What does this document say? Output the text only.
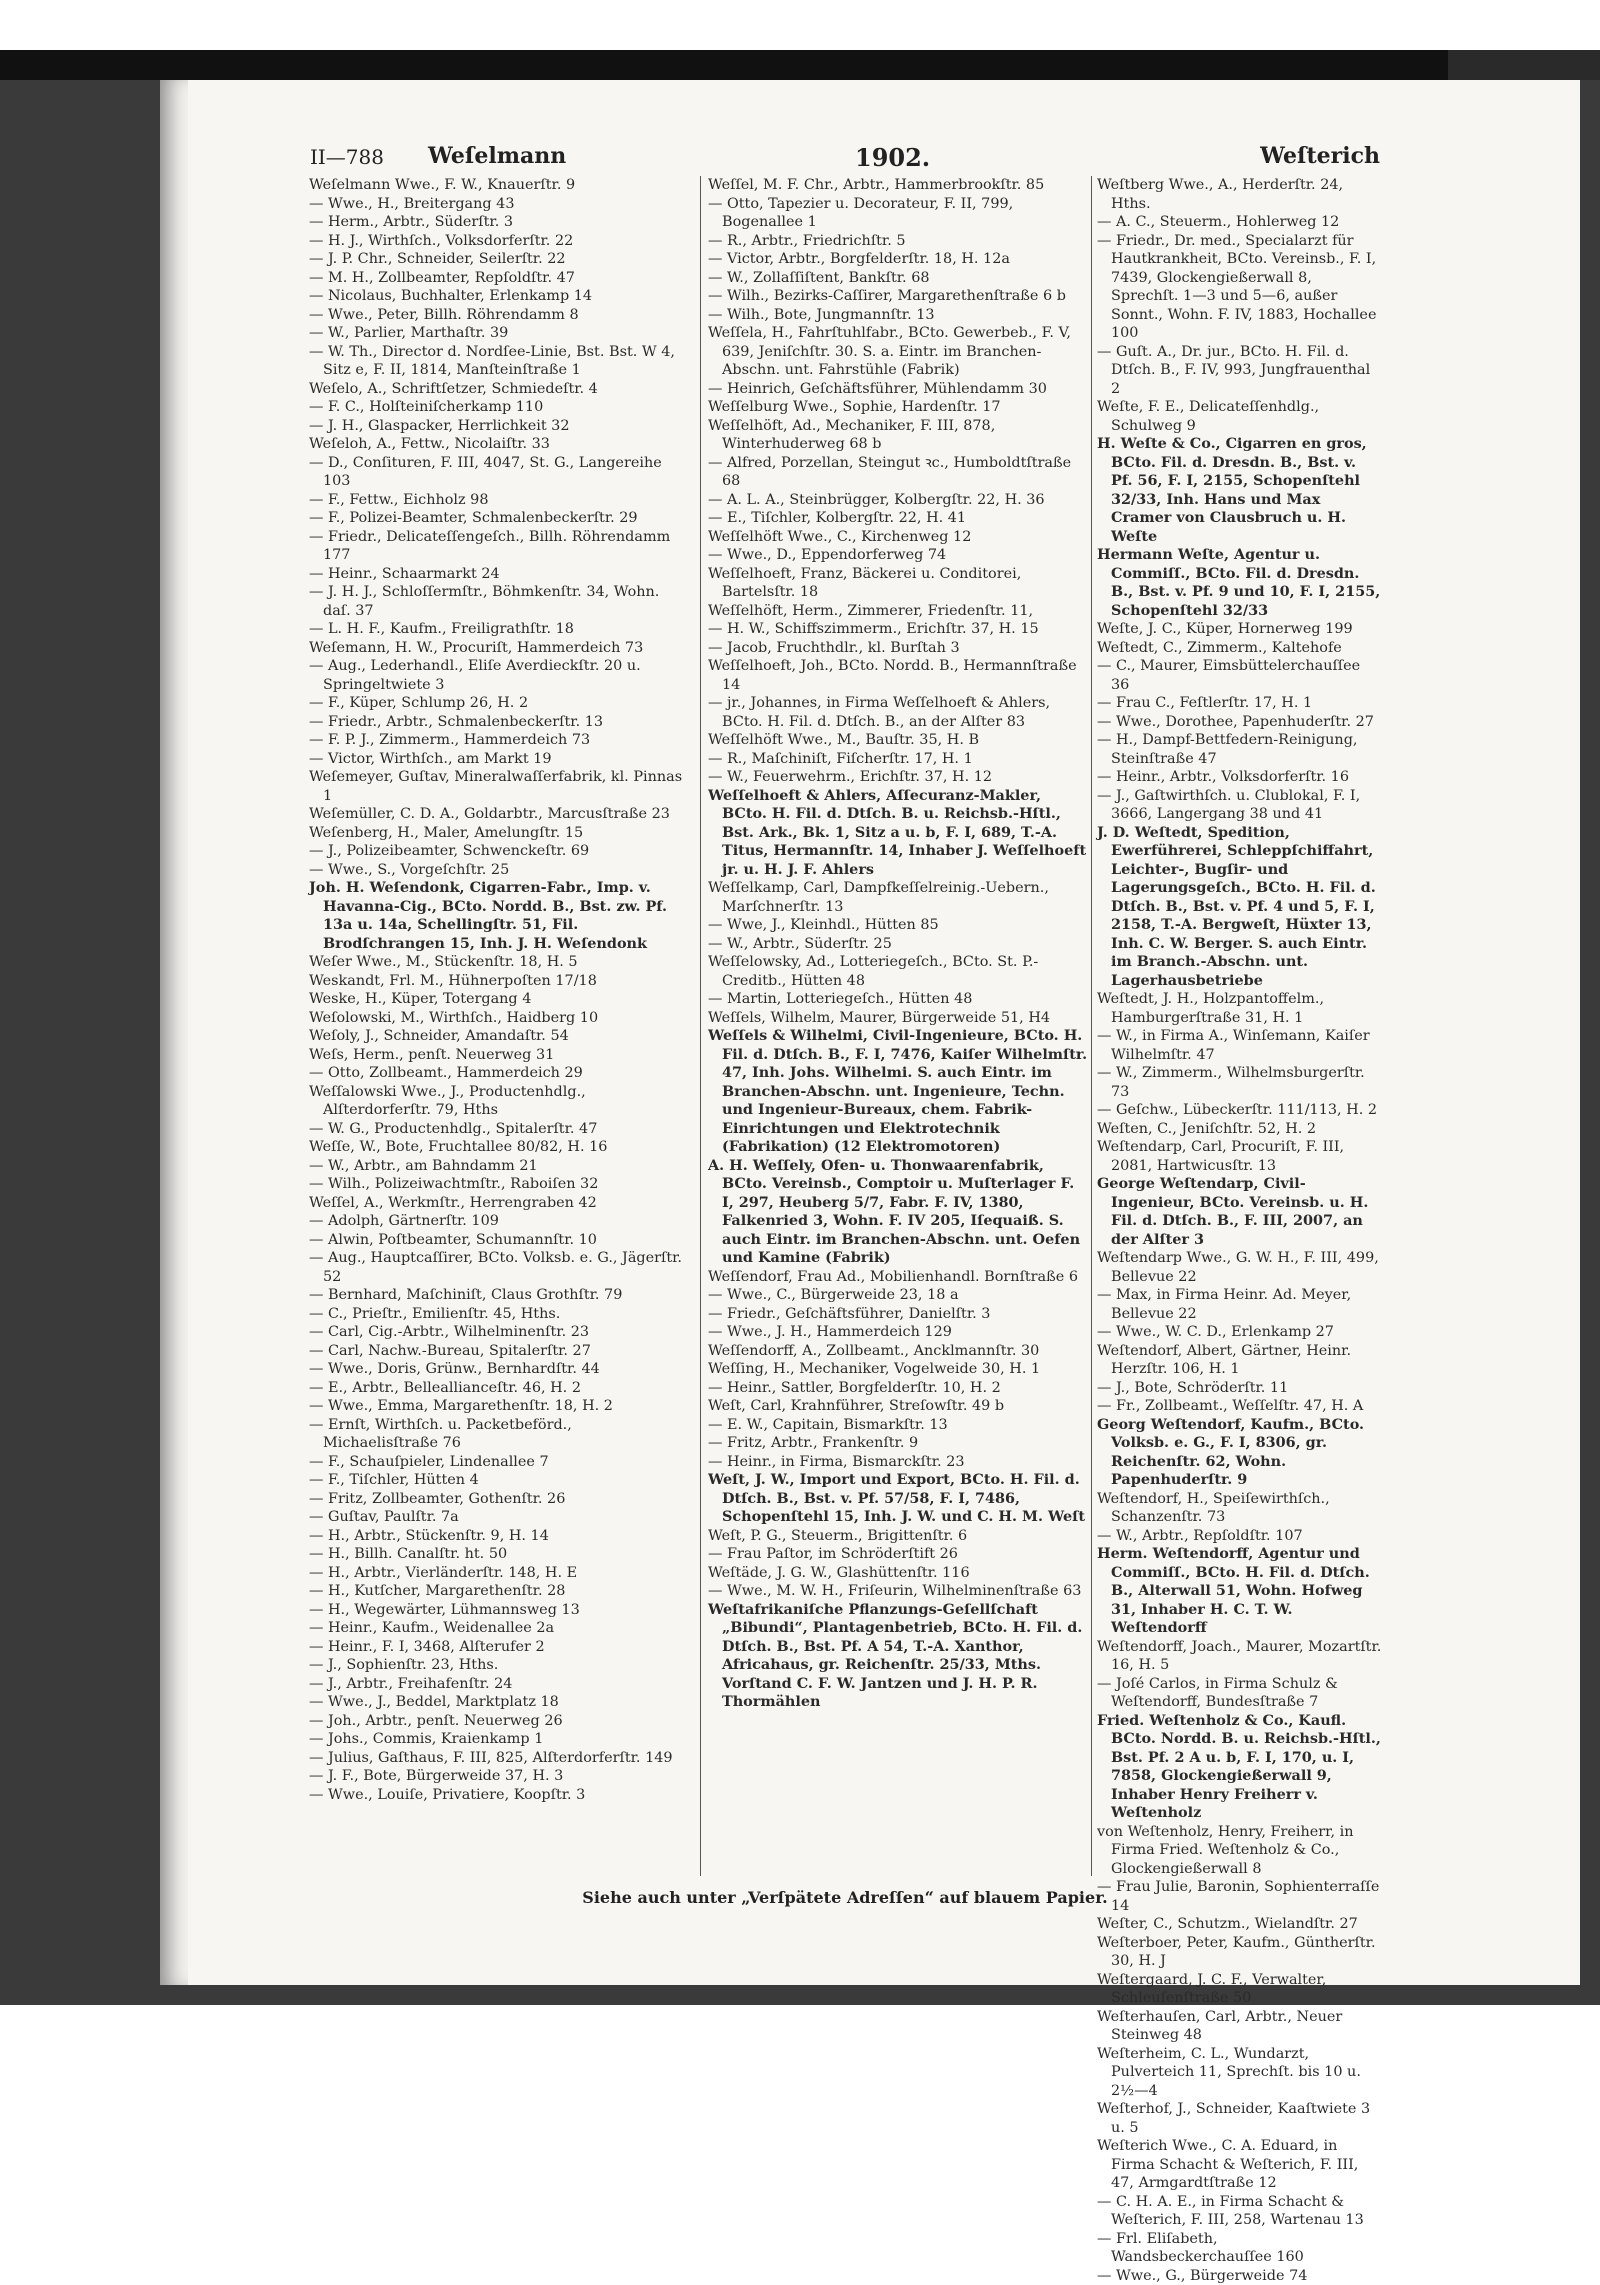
II—788 Weſelmann	1902.	Weſterich

Weſelmann Wwe., F. W., Knauerſtr. 9

— Wwe., H., Breitergang 43

— Herm., Arbtr., Süderſtr. 3

— H. J., Wirthſch., Volksdorferſtr. 22

— J. P. Chr., Schneider, Seilerſtr. 22

— M. H., Zollbeamter, Repſoldſtr. 47

— Nicolaus, Buchhalter, Erlenkamp 14

— Wwe., Peter, Billh. Röhrendamm 8

— W., Parlier, Marthaſtr. 39

— W. Th., Director d. Nordſee-Linie, Bst. Bst. W 4, Sitz e, F. II, 1814, Manſteinſtraße 1

Weſelo, A., Schriftſetzer, Schmiedeſtr. 4

— F. C., Holſteiniſcherkamp 110

— J. H., Glaspacker, Herrlichkeit 32

Weſeloh, A., Fettw., Nicolaiſtr. 33

— D., Conſituren, F. III, 4047, St. G., Langereihe 103

— F., Fettw., Eichholz 98

— F., Polizei-Beamter, Schmalenbeckerſtr. 29

— Friedr., Delicateſſengeſch., Billh. Röhrendamm 177

— Heinr., Schaarmarkt 24

— J. H. J., Schloſſermſtr., Böhmkenſtr. 34, Wohn. daſ. 37

— L. H. F., Kaufm., Freiligrathſtr. 18

Weſemann, H. W., Procuriſt, Hammerdeich 73

— Aug., Lederhandl., Eliſe Averdieckſtr. 20 u. Springeltwiete 3

— F., Küper, Schlump 26, H. 2

— Friedr., Arbtr., Schmalenbeckerſtr. 13

— F. P. J., Zimmerm., Hammerdeich 73

— Victor, Wirthſch., am Markt 19

Weſemeyer, Guſtav, Mineralwaſſerfabrik, kl. Pinnas 1

Weſemüller, C. D. A., Goldarbtr., Marcusſtraße 23

Weſenberg, H., Maler, Amelungſtr. 15

— J., Polizeibeamter, Schwenckeſtr. 69

— Wwe., S., Vorgeſchſtr. 25

Joh. H. Weſendonk, Cigarren-Fabr., Imp. v. Havanna-Cig., BCto. Nordd. B., Bst. zw. Pf. 13a u. 14a, Schellingſtr. 51, Fil. Brodſchrangen 15, Inh. J. H. Weſendonk

Weſer Wwe., M., Stückenſtr. 18, H. 5

Weskandt, Frl. M., Hühnerpoſten 17/18

Weske, H., Küper, Totergang 4

Weſolowski, M., Wirthſch., Haidberg 10

Weſoly, J., Schneider, Amandaſtr. 54

Weſs, Herm., penſt. Neuerweg 31

— Otto, Zollbeamt., Hammerdeich 29

Weſſalowski Wwe., J., Productenhdlg., Alſterdorferſtr. 79, Hths

— W. G., Productenhdlg., Spitalerſtr. 47

Weſſe, W., Bote, Fruchtallee 80/82, H. 16

— W., Arbtr., am Bahndamm 21

— Wilh., Polizeiwachtmſtr., Raboiſen 32

Weſſel, A., Werkmſtr., Herrengraben 42

— Adolph, Gärtnerſtr. 109

— Alwin, Poſtbeamter, Schumannſtr. 10

— Aug., Hauptcaſſirer, BCto. Volksb. e. G., Jägerſtr. 52

— Bernhard, Maſchiniſt, Claus Grothſtr. 79

— C., Prieſtr., Emilienſtr. 45, Hths.

— Carl, Cig.-Arbtr., Wilhelminenſtr. 23

— Carl, Nachw.-Bureau, Spitalerſtr. 27

— Wwe., Doris, Grünw., Bernhardſtr. 44

— E., Arbtr., Belleallianceſtr. 46, H. 2

— Wwe., Emma, Margarethenſtr. 18, H. 2

— Ernſt, Wirthſch. u. Packetbeförd., Michaelisſtraße 76

— F., Schauſpieler, Lindenallee 7

— F., Tiſchler, Hütten 4

— Fritz, Zollbeamter, Gothenſtr. 26

— Guſtav, Paulſtr. 7a

— H., Arbtr., Stückenſtr. 9, H. 14

— H., Billh. Canalſtr. ht. 50

— H., Arbtr., Vierländerſtr. 148, H. E

— H., Kutſcher, Margarethenſtr. 28

— H., Wegewärter, Lühmannsweg 13

— Heinr., Kaufm., Weidenallee 2a

— Heinr., F. I, 3468, Alſterufer 2

— J., Sophienſtr. 23, Hths.

— J., Arbtr., Freihafenſtr. 24

— Wwe., J., Beddel, Marktplatz 18

— Joh., Arbtr., penſt. Neuerweg 26

— Johs., Commis, Kraienkamp 1

— Julius, Gaſthaus, F. III, 825, Alſterdorferſtr. 149

— J. F., Bote, Bürgerweide 37, H. 3

— Wwe., Louiſe, Privatiere, Koopſtr. 3

Weſſel, M. F. Chr., Arbtr., Hammerbrookſtr. 85

— Otto, Tapezier u. Decorateur, F. II, 799, Bogenallee 1

— R., Arbtr., Friedrichſtr. 5

— Victor, Arbtr., Borgfelderſtr. 18, H. 12a

— W., Zollaſſiſtent, Bankſtr. 68

— Wilh., Bezirks-Caſſirer, Margarethenſtraße 6 b

— Wilh., Bote, Jungmannſtr. 13

Weſſela, H., Fahrſtuhlfabr., BCto. Gewerbeb., F. V, 639, Jeniſchſtr. 30. S. a. Eintr. im Branchen-Abschn. unt. Fahrstühle (Fabrik)

— Heinrich, Geſchäftsführer, Mühlendamm 30

Weſſelburg Wwe., Sophie, Hardenſtr. 17

Weſſelhöft, Ad., Mechaniker, F. III, 878, Winterhuderweg 68 b

— Alfred, Porzellan, Steingut ꝛc., Humboldtſtraße 68

— A. L. A., Steinbrügger, Kolbergſtr. 22, H. 36

— E., Tiſchler, Kolbergſtr. 22, H. 41

Weſſelhöft Wwe., C., Kirchenweg 12

— Wwe., D., Eppendorferweg 74

Weſſelhoeft, Franz, Bäckerei u. Conditorei, Bartelsſtr. 18

Weſſelhöft, Herm., Zimmerer, Friedenſtr. 11,

— H. W., Schiffszimmerm., Erichſtr. 37, H. 15

— Jacob, Fruchthdlr., kl. Burſtah 3

Weſſelhoeft, Joh., BCto. Nordd. B., Hermannſtraße 14

— jr., Johannes, in Firma Weſſelhoeft & Ahlers, BCto. H. Fil. d. Dtſch. B., an der Alſter 83

Weſſelhöft Wwe., M., Bauſtr. 35, H. B

— R., Maſchiniſt, Fiſcherſtr. 17, H. 1

— W., Feuerwehrm., Erichſtr. 37, H. 12

Weſſelhoeft & Ahlers, Aſſecuranz-Makler, BCto. H. Fil. d. Dtſch. B. u. Reichsb.-Hſtl., Bst. Ark., Bk. 1, Sitz a u. b, F. I, 689, T.-A. Titus, Hermannſtr. 14, Inhaber J. Weſſelhoeft jr. u. H. J. F. Ahlers

Weſſelkamp, Carl, Dampfkeſſelreinig.-Uebern., Marſchnerſtr. 13

— Wwe, J., Kleinhdl., Hütten 85

— W., Arbtr., Süderſtr. 25

Weſſelowsky, Ad., Lotteriegeſch., BCto. St. P.-Creditb., Hütten 48

— Martin, Lotteriegeſch., Hütten 48

Weſſels, Wilhelm, Maurer, Bürgerweide 51, H4

Weſſels & Wilhelmi, Civil-Ingenieure, BCto. H. Fil. d. Dtſch. B., F. I, 7476, Kaiſer Wilhelmſtr. 47, Inh. Johs. Wilhelmi. S. auch Eintr. im Branchen-Abschn. unt. Ingenieure, Techn. und Ingenieur-Bureaux, chem. Fabrik-Einrichtungen und Elektrotechnik (Fabrikation) (12 Elektromotoren)

A. H. Weſſely, Ofen- u. Thonwaarenfabrik, BCto. Vereinsb., Comptoir u. Muſterlager F. I, 297, Heuberg 5/7, Fabr. F. IV, 1380, Falkenried 3, Wohn. F. IV 205, Iſequaiß. S. auch Eintr. im Branchen-Abschn. unt. Oefen und Kamine (Fabrik)

Weſſendorf, Frau Ad., Mobilienhandl. Bornſtraße 6

— Wwe., C., Bürgerweide 23, 18 a

— Friedr., Geſchäftsführer, Danielſtr. 3

— Wwe., J. H., Hammerdeich 129

Weſſendorff, A., Zollbeamt., Ancklmannſtr. 30

Weſſing, H., Mechaniker, Vogelweide 30, H. 1

— Heinr., Sattler, Borgfelderſtr. 10, H. 2

Weſt, Carl, Krahnführer, Streſowſtr. 49 b

— E. W., Capitain, Bismarkſtr. 13

— Fritz, Arbtr., Frankenſtr. 9

— Heinr., in Firma, Bismarckſtr. 23

Weſt, J. W., Import und Export, BCto. H. Fil. d. Dtſch. B., Bst. v. Pf. 57/58, F. I, 7486, Schopenſtehl 15, Inh. J. W. und C. H. M. Weſt

Weſt, P. G., Steuerm., Brigittenſtr. 6

— Frau Paſtor, im Schröderſtift 26

Weſtäde, J. G. W., Glashüttenſtr. 116

— Wwe., M. W. H., Friſeurin, Wilhelminenſtraße 63

Weſtafrikaniſche Pflanzungs-Geſellſchaft „Bibundi“, Plantagenbetrieb, BCto. H. Fil. d. Dtſch. B., Bst. Pf. A 54, T.-A. Xanthor, Africahaus, gr. Reichenſtr. 25/33, Mths. Vorſtand C. F. W. Jantzen und J. H. P. R. Thormählen

Weſtberg Wwe., A., Herderſtr. 24, Hths.

— A. C., Steuerm., Hohlerweg 12

— Friedr., Dr. med., Specialarzt für Hautkrankheit, BCto. Vereinsb., F. I, 7439, Glockengießerwall 8, Sprechſt. 1—3 und 5—6, außer Sonnt., Wohn. F. IV, 1883, Hochallee 100

— Guſt. A., Dr. jur., BCto. H. Fil. d. Dtſch. B., F. IV, 993, Jungfrauenthal 2

Weſte, F. E., Delicateſſenhdlg., Schulweg 9

H. Weſte & Co., Cigarren en gros, BCto. Fil. d. Dresdn. B., Bst. v. Pf. 56, F. I, 2155, Schopenſtehl 32/33, Inh. Hans und Max Cramer von Clausbruch u. H. Weſte

Hermann Weſte, Agentur u. Commiſſ., BCto. Fil. d. Dresdn. B., Bst. v. Pf. 9 und 10, F. I, 2155, Schopenſtehl 32/33

Weſte, J. C., Küper, Hornerweg 199

Weſtedt, C., Zimmerm., Kaltehofe

— C., Maurer, Eimsbüttelerchauſſee 36

— Frau C., Feſtlerſtr. 17, H. 1

— Wwe., Dorothee, Papenhuderſtr. 27

— H., Dampf-Bettfedern-Reinigung, Steinſtraße 47

— Heinr., Arbtr., Volksdorferſtr. 16

— J., Gaſtwirthſch. u. Clublokal, F. I, 3666, Langergang 38 und 41

J. D. Weſtedt, Spedition, Ewerführerei, Schleppſchiffahrt, Leichter-, Bugſir- und Lagerungsgeſch., BCto. H. Fil. d. Dtſch. B., Bst. v. Pf. 4 und 5, F. I, 2158, T.-A. Bergweſt, Hüxter 13, Inh. C. W. Berger. S. auch Eintr. im Branch.-Abschn. unt. Lagerhausbetriebe

Weſtedt, J. H., Holzpantoffelm., Hamburgerſtraße 31, H. 1

— W., in Firma A., Winſemann, Kaiſer Wilhelmſtr. 47

— W., Zimmerm., Wilhelmsburgerſtr. 73

— Geſchw., Lübeckerſtr. 111/113, H. 2

Weſten, C., Jeniſchſtr. 52, H. 2

Weſtendarp, Carl, Procuriſt, F. III, 2081, Hartwicusſtr. 13

George Weſtendarp, Civil-Ingenieur, BCto. Vereinsb. u. H. Fil. d. Dtſch. B., F. III, 2007, an der Alſter 3

Weſtendarp Wwe., G. W. H., F. III, 499, Bellevue 22

— Max, in Firma Heinr. Ad. Meyer, Bellevue 22

— Wwe., W. C. D., Erlenkamp 27

Weſtendorf, Albert, Gärtner, Heinr. Herzſtr. 106, H. 1

— J., Bote, Schröderſtr. 11

— Fr., Zollbeamt., Weſſelſtr. 47, H. A

Georg Weſtendorf, Kaufm., BCto. Volksb. e. G., F. I, 8306, gr. Reichenſtr. 62, Wohn. Papenhuderſtr. 9

Weſtendorf, H., Speiſewirthſch., Schanzenſtr. 73

— W., Arbtr., Repſoldſtr. 107

Herm. Weſtendorff, Agentur und Commiſſ., BCto. H. Fil. d. Dtſch. B., Alterwall 51, Wohn. Hofweg 31, Inhaber H. C. T. W. Weſtendorff

Weſtendorff, Joach., Maurer, Mozartſtr. 16, H. 5

— Joſé Carlos, in Firma Schulz & Weſtendorff, Bundesſtraße 7

Fried. Weſtenholz & Co., Kaufl. BCto. Nordd. B. u. Reichsb.-Hſtl., Bst. Pf. 2 A u. b, F. I, 170, u. I, 7858, Glockengießerwall 9, Inhaber Henry Freiherr v. Weſtenholz

von Weſtenholz, Henry, Freiherr, in Firma Fried. Weſtenholz & Co., Glockengießerwall 8

— Frau Julie, Baronin, Sophienterraſſe 14

Weſter, C., Schutzm., Wielandſtr. 27

Weſterboer, Peter, Kaufm., Güntherſtr. 30, H. J

Weſtergaard, J. C. F., Verwalter, Schleuſenſtraße 50

Weſterhauſen, Carl, Arbtr., Neuer Steinweg 48

Weſterheim, C. L., Wundarzt, Pulverteich 11, Sprechſt. bis 10 u. 2½—4

Weſterhof, J., Schneider, Kaaſtwiete 3 u. 5

Weſterich Wwe., C. A. Eduard, in Firma Schacht & Weſterich, F. III, 47, Armgardtſtraße 12

— C. H. A. E., in Firma Schacht & Weſterich, F. III, 258, Wartenau 13

— Frl. Eliſabeth, Wandsbeckerchauſſee 160

— Wwe., G., Bürgerweide 74

Siehe auch unter „Verſpätete Adreſſen“ auf blauem Papier.
